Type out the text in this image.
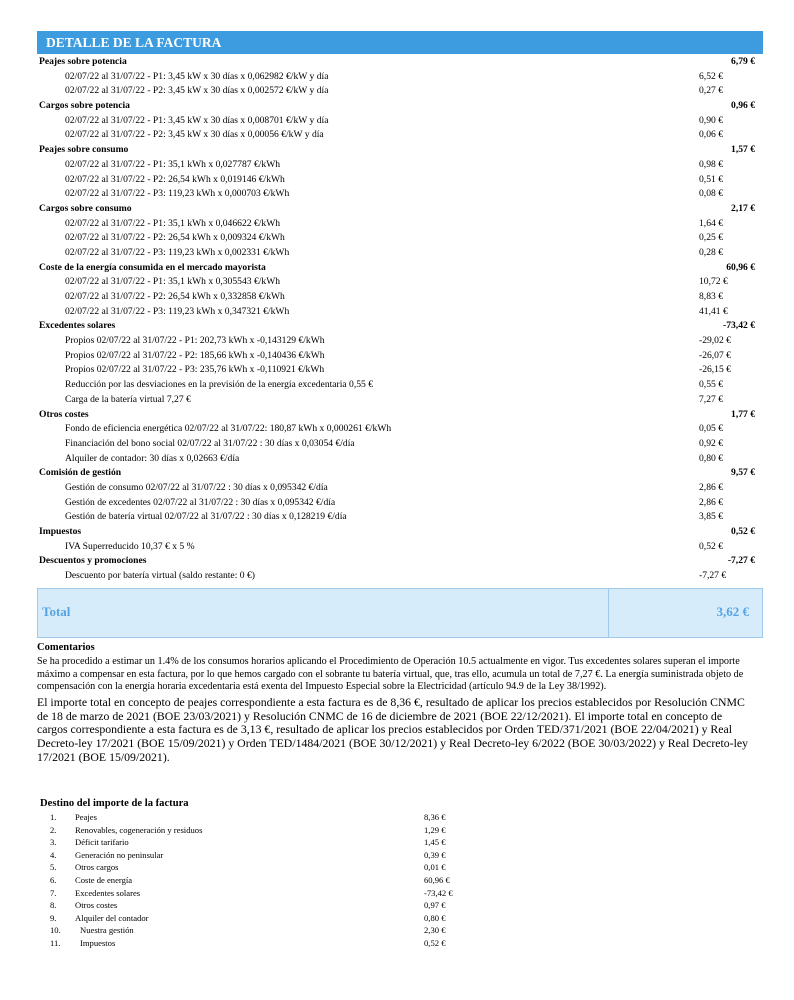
DETALLE DE LA FACTURA
Peajes sobre potencia	6,79 €
02/07/22 al 31/07/22 - P1: 3,45 kW x 30 días x 0,062982 €/kW y día	6,52 €
02/07/22 al 31/07/22 - P2: 3,45 kW x 30 días x 0,002572 €/kW y día	0,27 €
Cargos sobre potencia	0,96 €
02/07/22 al 31/07/22 - P1: 3,45 kW x 30 días x 0,008701 €/kW y día	0,90 €
02/07/22 al 31/07/22 - P2: 3,45 kW x 30 días x 0,00056 €/kW y día	0,06 €
Peajes sobre consumo	1,57 €
02/07/22 al 31/07/22 - P1: 35,1 kWh x 0,027787 €/kWh	0,98 €
02/07/22 al 31/07/22 - P2: 26,54 kWh x 0,019146 €/kWh	0,51 €
02/07/22 al 31/07/22 - P3: 119,23 kWh x 0,000703 €/kWh	0,08 €
Cargos sobre consumo	2,17 €
02/07/22 al 31/07/22 - P1: 35,1 kWh x 0,046622 €/kWh	1,64 €
02/07/22 al 31/07/22 - P2: 26,54 kWh x 0,009324 €/kWh	0,25 €
02/07/22 al 31/07/22 - P3: 119,23 kWh x 0,002331 €/kWh	0,28 €
Coste de la energía consumida en el mercado mayorista	60,96 €
02/07/22 al 31/07/22 - P1: 35,1 kWh x 0,305543 €/kWh	10,72 €
02/07/22 al 31/07/22 - P2: 26,54 kWh x 0,332858 €/kWh	8,83 €
02/07/22 al 31/07/22 - P3: 119,23 kWh x 0,347321 €/kWh	41,41 €
Excedentes solares	-73,42 €
Propios 02/07/22 al 31/07/22 - P1: 202,73 kWh x -0,143129 €/kWh	-29,02 €
Propios 02/07/22 al 31/07/22 - P2: 185,66 kWh x -0,140436 €/kWh	-26,07 €
Propios 02/07/22 al 31/07/22 - P3: 235,76 kWh x -0,110921 €/kWh	-26,15 €
Reducción por las desviaciones en la previsión de la energía excedentaria 0,55 €	0,55 €
Carga de la batería virtual 7,27 €	7,27 €
Otros costes	1,77 €
Fondo de eficiencia energética 02/07/22 al 31/07/22: 180,87 kWh x 0,000261 €/kWh	0,05 €
Financiación del bono social 02/07/22 al 31/07/22 : 30 días x 0,03054 €/día	0,92 €
Alquiler de contador: 30 días x 0,02663 €/día	0,80 €
Comisión de gestión	9,57 €
Gestión de consumo 02/07/22 al 31/07/22 : 30 días x 0,095342 €/día	2,86 €
Gestión de excedentes 02/07/22 al 31/07/22 : 30 días x 0,095342 €/día	2,86 €
Gestión de batería virtual 02/07/22 al 31/07/22 : 30 días x 0,128219 €/día	3,85 €
Impuestos	0,52 €
IVA Superreducido 10,37 € x 5 %	0,52 €
Descuentos y promociones	-7,27 €
Descuento por batería virtual (saldo restante: 0 €)	-7,27 €
Total	3,62 €
Comentarios

Se ha procedido a estimar un 1.4% de los consumos horarios aplicando el Procedimiento de Operación 10.5 actualmente en vigor. Tus excedentes solares superan el importe máximo a compensar en esta factura, por lo que hemos cargado con el sobrante tu batería virtual, que, tras ello, acumula un total de 7,27 €. La energía suministrada objeto de compensación con la energía horaria excedentaria está exenta del Impuesto Especial sobre la Electricidad (artículo 94.9 de la Ley 38/1992).

El importe total en concepto de peajes correspondiente a esta factura es de 8,36 €, resultado de aplicar los precios establecidos por Resolución CNMC de 18 de marzo de 2021 (BOE 23/03/2021) y Resolución CNMC de 16 de diciembre de 2021 (BOE 22/12/2021). El importe total en concepto de cargos correspondiente a esta factura es de 3,13 €, resultado de aplicar los precios establecidos por Orden TED/371/2021 (BOE 22/04/2021) y Real Decreto-ley 17/2021 (BOE 15/09/2021) y Orden TED/1484/2021 (BOE 30/12/2021) y Real Decreto-ley 6/2022 (BOE 30/03/2022) y Real Decreto-ley 17/2021 (BOE 15/09/2021).

Destino del importe de la factura
1. Peajes	8,36 €
2. Renovables, cogeneración y residuos	1,29 €
3. Déficit tarifario	1,45 €
4. Generación no peninsular	0,39 €
5. Otros cargos	0,01 €
6. Coste de energía	60,96 €
7. Excedentes solares	-73,42 €
8. Otros costes	0,97 €
9. Alquiler del contador	0,80 €
10. Nuestra gestión	2,30 €
11. Impuestos	0,52 €
